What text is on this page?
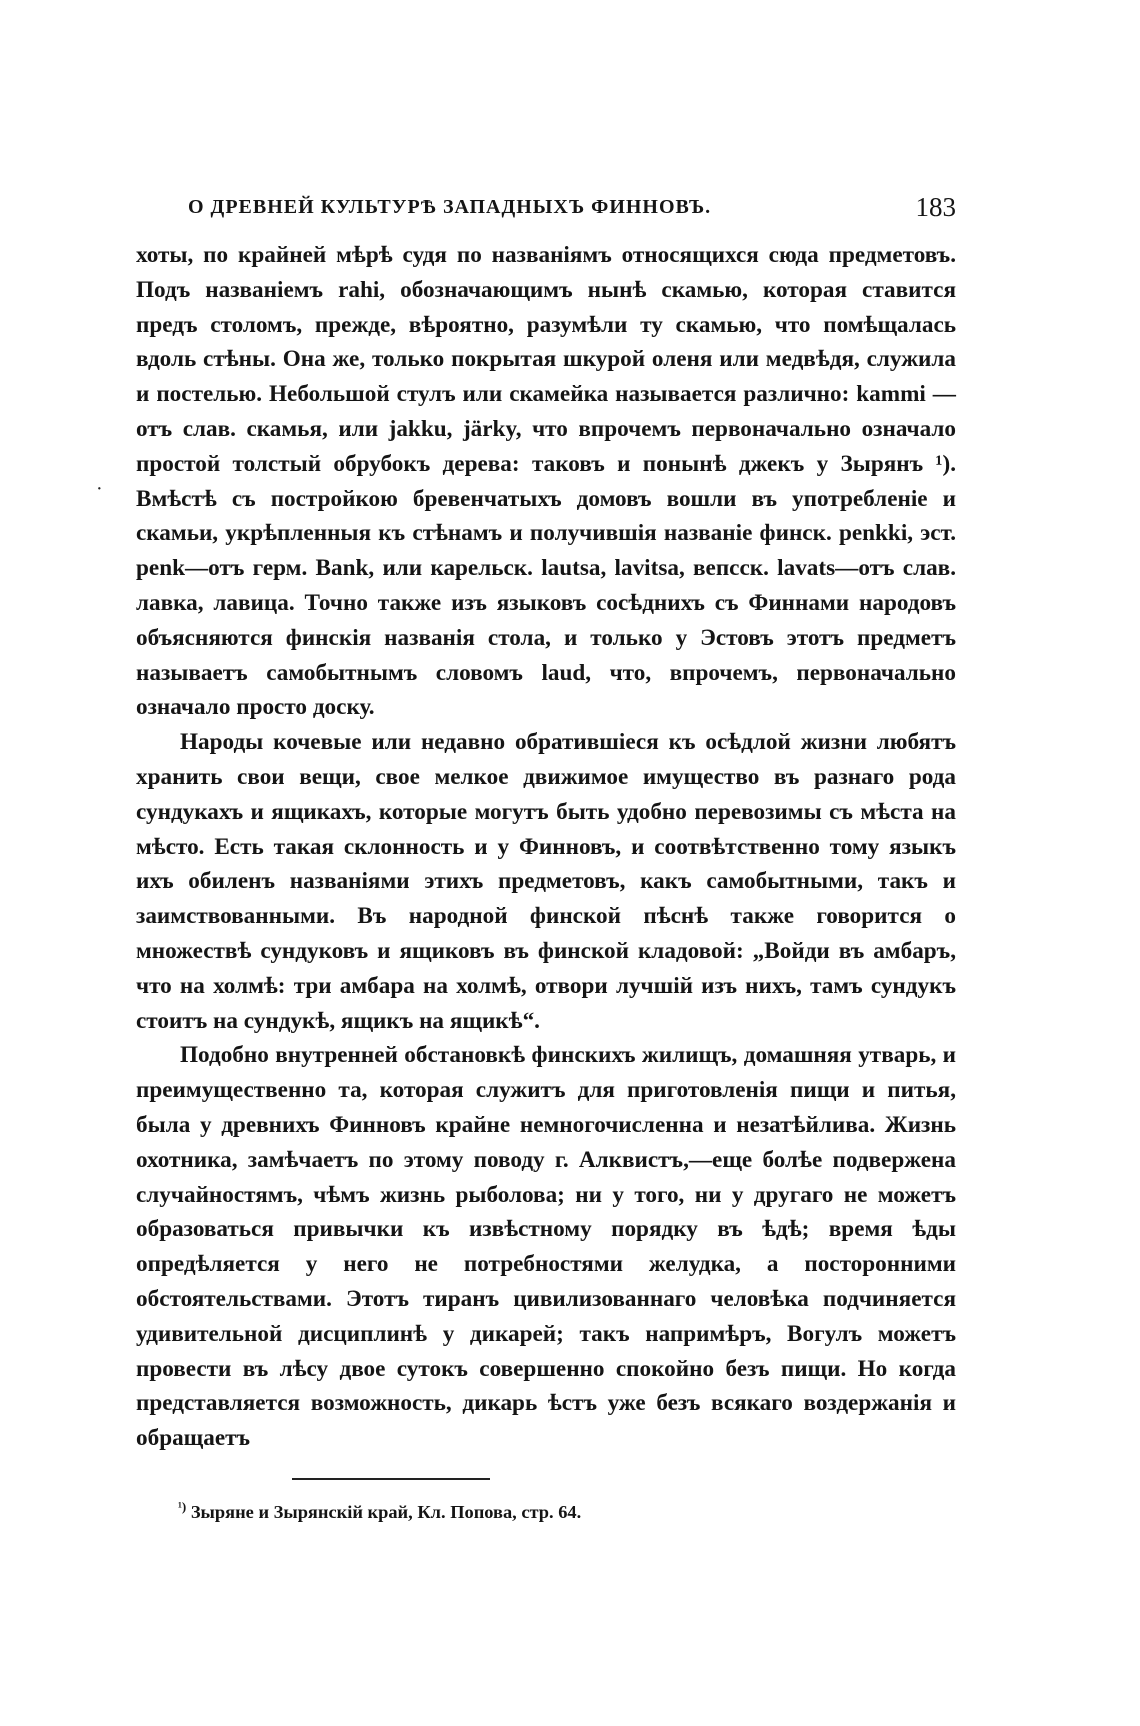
О ДРЕВНЕЙ КУЛЬТУРѢ ЗАПАДНЫХЪ ФИННОВЪ.	183

хоты, по крайней мѣрѣ судя по названіямъ относящихся сюда предметовъ. Подъ названіемъ rahi, обозначающимъ нынѣ скамью, которая ставится предъ столомъ, прежде, вѣроятно, разумѣли ту скамью, что помѣщалась вдоль стѣны. Она же, только покрытая шкурой оленя или медвѣдя, служила и постелью. Небольшой стулъ или скамейка называется различно: kammi —отъ слав. скамья, или jakku, järky, что впрочемъ первоначально означало простой толстый обрубокъ дерева: таковъ и понынѣ джекъ у Зырянъ ¹). Вмѣстѣ съ постройкою бревенчатыхъ домовъ вошли въ употребленіе и скамьи, укрѣпленныя къ стѣнамъ и получившія названіе финск. penkki, эст. penk—отъ герм. Bank, или карельск. lautsa, lavitsa, вепсск. lavats—отъ слав. лавка, лавица. Точно также изъ языковъ сосѣднихъ съ Финнами народовъ объясняются финскія названія стола, и только у Эстовъ этотъ предметъ называетъ самобытнымъ словомъ laud, что, впрочемъ, первоначально означало просто доску.

Народы кочевые или недавно обратившіеся къ осѣдлой жизни любятъ хранить свои вещи, свое мелкое движимое имущество въ разнаго рода сундукахъ и ящикахъ, которые могутъ быть удобно перевозимы съ мѣста на мѣсто. Есть такая склонность и у Финновъ, и соотвѣтственно тому языкъ ихъ обиленъ названіями этихъ предметовъ, какъ самобытными, такъ и заимствованными. Въ народной финской пѣснѣ также говорится о множествѣ сундуковъ и ящиковъ въ финской кладовой: „Войди въ амбаръ, что на холмѣ: три амбара на холмѣ, отвори лучшій изъ нихъ, тамъ сундукъ стоитъ на сундукѣ, ящикъ на ящикѣ“.

Подобно внутренней обстановкѣ финскихъ жилищъ, домашняя утварь, и преимущественно та, которая служитъ для приготовленія пищи и питья, была у древнихъ Финновъ крайне немногочисленна и незатѣйлива. Жизнь охотника, замѣчаетъ по этому поводу г. Алквистъ,—еще болѣе подвержена случайностямъ, чѣмъ жизнь рыболова; ни у того, ни у другаго не можетъ образоваться привычки къ извѣстному порядку въ ѣдѣ; время ѣды опредѣляется у него не потребностями желудка, а посторонними обстоятельствами. Этотъ тиранъ цивилизованнаго человѣка подчиняется удивительной дисциплинѣ у дикарей; такъ напримѣръ, Вогулъ можетъ провести въ лѣсу двое сутокъ совершенно спокойно безъ пищи. Но когда представляется возможность, дикарь ѣстъ уже безъ всякаго воздержанія и обращаетъ

$^{^1)}$ Зыряне и Зырянскій край, Кл. Попова, стр. 64.
·
